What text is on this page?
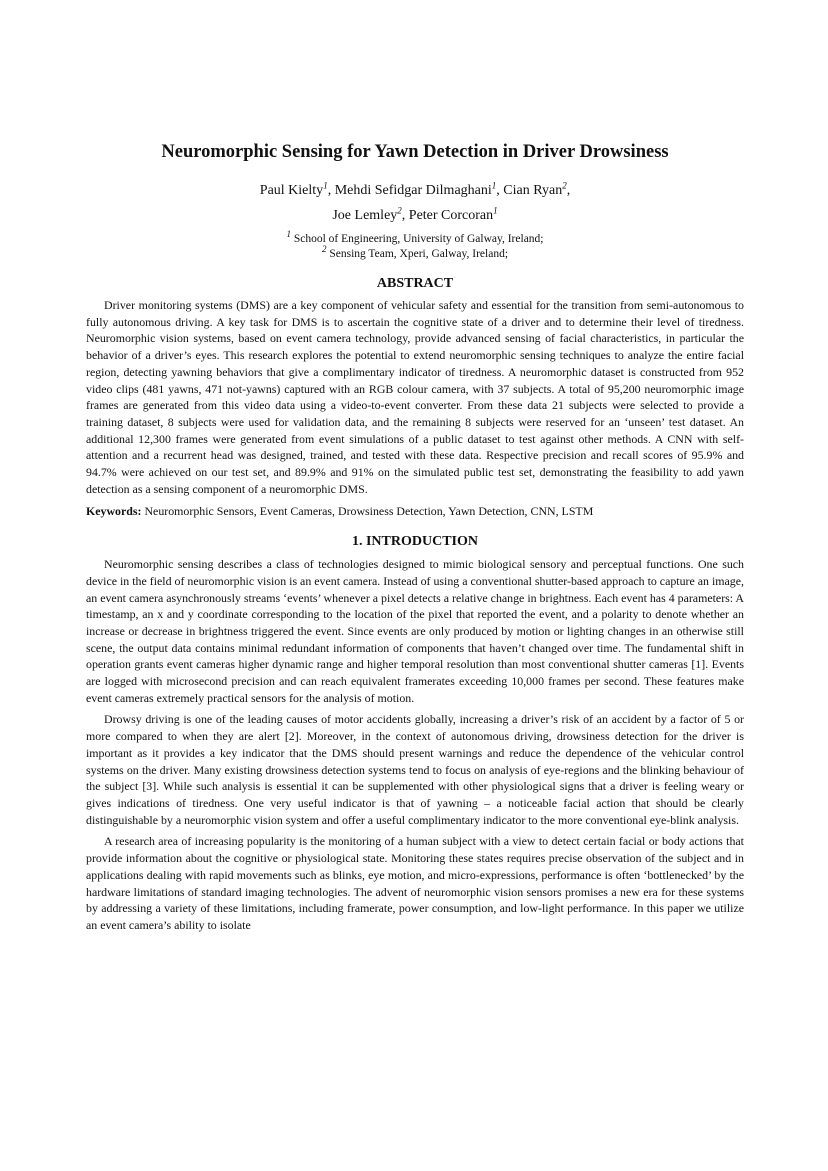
Neuromorphic Sensing for Yawn Detection in Driver Drowsiness
Paul Kielty$^1$, Mehdi Sefidgar Dilmaghani$^1$, Cian Ryan$^2$,
Joe Lemley$^2$, Peter Corcoran$^1$
$^1$ School of Engineering, University of Galway, Ireland;
$^2$ Sensing Team, Xperi, Galway, Ireland;
ABSTRACT

Driver monitoring systems (DMS) are a key component of vehicular safety and essential for the transition from semi-autonomous to fully autonomous driving. A key task for DMS is to ascertain the cognitive state of a driver and to determine their level of tiredness. Neuromorphic vision systems, based on event camera technology, provide advanced sensing of facial characteristics, in particular the behavior of a driver’s eyes. This research explores the potential to extend neuromorphic sensing techniques to analyze the entire facial region, detecting yawning behaviors that give a complimentary indicator of tiredness. A neuromorphic dataset is constructed from 952 video clips (481 yawns, 471 not-yawns) captured with an RGB colour camera, with 37 subjects. A total of 95,200 neuromorphic image frames are generated from this video data using a video-to-event converter. From these data 21 subjects were selected to provide a training dataset, 8 subjects were used for validation data, and the remaining 8 subjects were reserved for an ‘unseen’ test dataset. An additional 12,300 frames were generated from event simulations of a public dataset to test against other methods. A CNN with self-attention and a recurrent head was designed, trained, and tested with these data. Respective precision and recall scores of 95.9% and 94.7% were achieved on our test set, and 89.9% and 91% on the simulated public test set, demonstrating the feasibility to add yawn detection as a sensing component of a neuromorphic DMS.

Keywords: Neuromorphic Sensors, Event Cameras, Drowsiness Detection, Yawn Detection, CNN, LSTM
1. INTRODUCTION

Neuromorphic sensing describes a class of technologies designed to mimic biological sensory and perceptual functions. One such device in the field of neuromorphic vision is an event camera. Instead of using a conventional shutter-based approach to capture an image, an event camera asynchronously streams ‘events’ whenever a pixel detects a relative change in brightness. Each event has 4 parameters: A timestamp, an x and y coordinate corresponding to the location of the pixel that reported the event, and a polarity to denote whether an increase or decrease in brightness triggered the event. Since events are only produced by motion or lighting changes in an otherwise still scene, the output data contains minimal redundant information of components that haven’t changed over time. The fundamental shift in operation grants event cameras higher dynamic range and higher temporal resolution than most conventional shutter cameras [1]. Events are logged with microsecond precision and can reach equivalent framerates exceeding 10,000 frames per second. These features make event cameras extremely practical sensors for the analysis of motion.

Drowsy driving is one of the leading causes of motor accidents globally, increasing a driver’s risk of an accident by a factor of 5 or more compared to when they are alert [2]. Moreover, in the context of autonomous driving, drowsiness detection for the driver is important as it provides a key indicator that the DMS should present warnings and reduce the dependence of the vehicular control systems on the driver. Many existing drowsiness detection systems tend to focus on analysis of eye-regions and the blinking behaviour of the subject [3]. While such analysis is essential it can be supplemented with other physiological signs that a driver is feeling weary or gives indications of tiredness. One very useful indicator is that of yawning – a noticeable facial action that should be clearly distinguishable by a neuromorphic vision system and offer a useful complimentary indicator to the more conventional eye-blink analysis.

A research area of increasing popularity is the monitoring of a human subject with a view to detect certain facial or body actions that provide information about the cognitive or physiological state. Monitoring these states requires precise observation of the subject and in applications dealing with rapid movements such as blinks, eye motion, and micro-expressions, performance is often ‘bottlenecked’ by the hardware limitations of standard imaging technologies. The advent of neuromorphic vision sensors promises a new era for these systems by addressing a variety of these limitations, including framerate, power consumption, and low-light performance. In this paper we utilize an event camera’s ability to isolate
